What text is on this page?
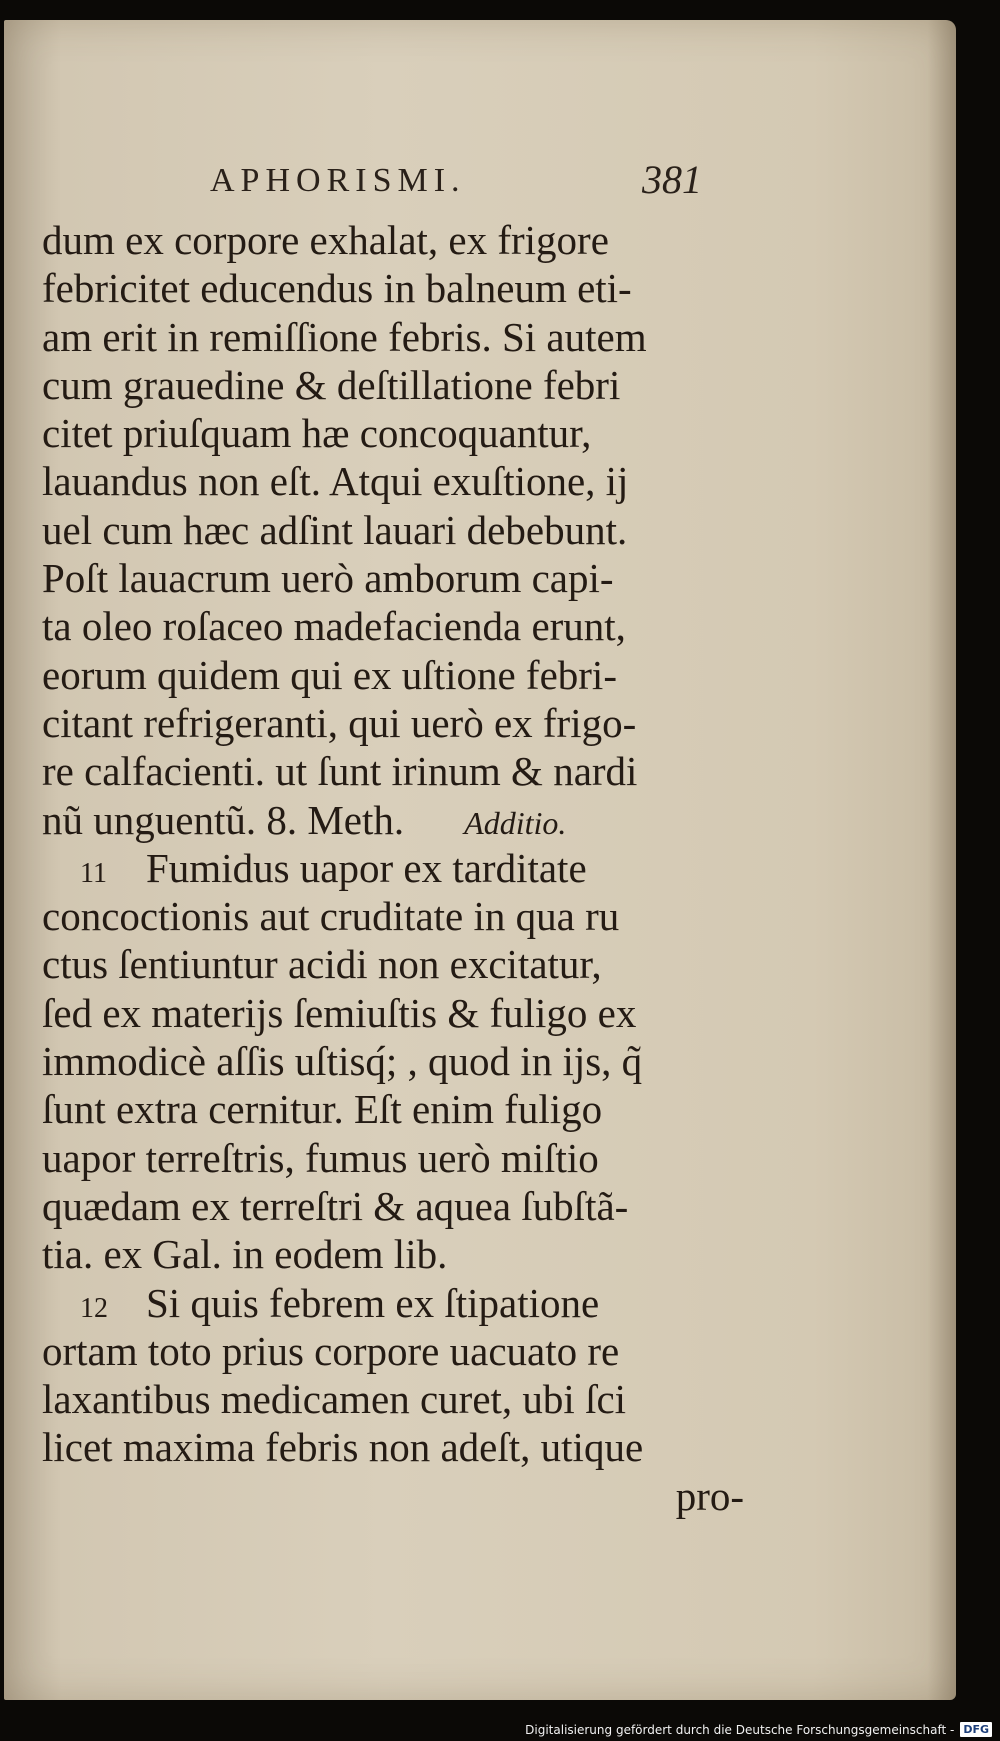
APHORISMI.	381
dum ex corpore exhalat, ex frigore
febricitet educendus in balneum eti-
am erit in remiſſione febris. Si autem
cum grauedine & deſtillatione febri
citet priuſquam hæ concoquantur,
lauandus non eſt. Atqui exuſtione, ij
uel cum hæc adſint lauari debebunt.
Poſt lauacrum uerò amborum capi-
ta oleo roſaceo madefacienda erunt,
eorum quidem qui ex uſtione febri-
citant refrigeranti, qui uerò ex frigo-
re calfacienti. ut ſunt irinum & nardi
nũ unguentũ. 8. Meth. Additio.
11 Fumidus uapor ex tarditate
concoctionis aut cruditate in qua ru
ctus ſentiuntur acidi non excitatur,
ſed ex materijs ſemiuſtis & fuligo ex
immodicè aſſis uſtisq́; , quod in ijs, q̃
ſunt extra cernitur. Eſt enim fuligo
uapor terreſtris, fumus uerò miſtio
quædam ex terreſtri & aquea ſubſtã-
tia. ex Gal. in eodem lib.
12 Si quis febrem ex ſtipatione
ortam toto prius corpore uacuato re
laxantibus medicamen curet, ubi ſci
licet maxima febris non adeſt, utique
pro-
Digitalisierung gefördert durch die Deutsche Forschungsgemeinschaft - DFG
